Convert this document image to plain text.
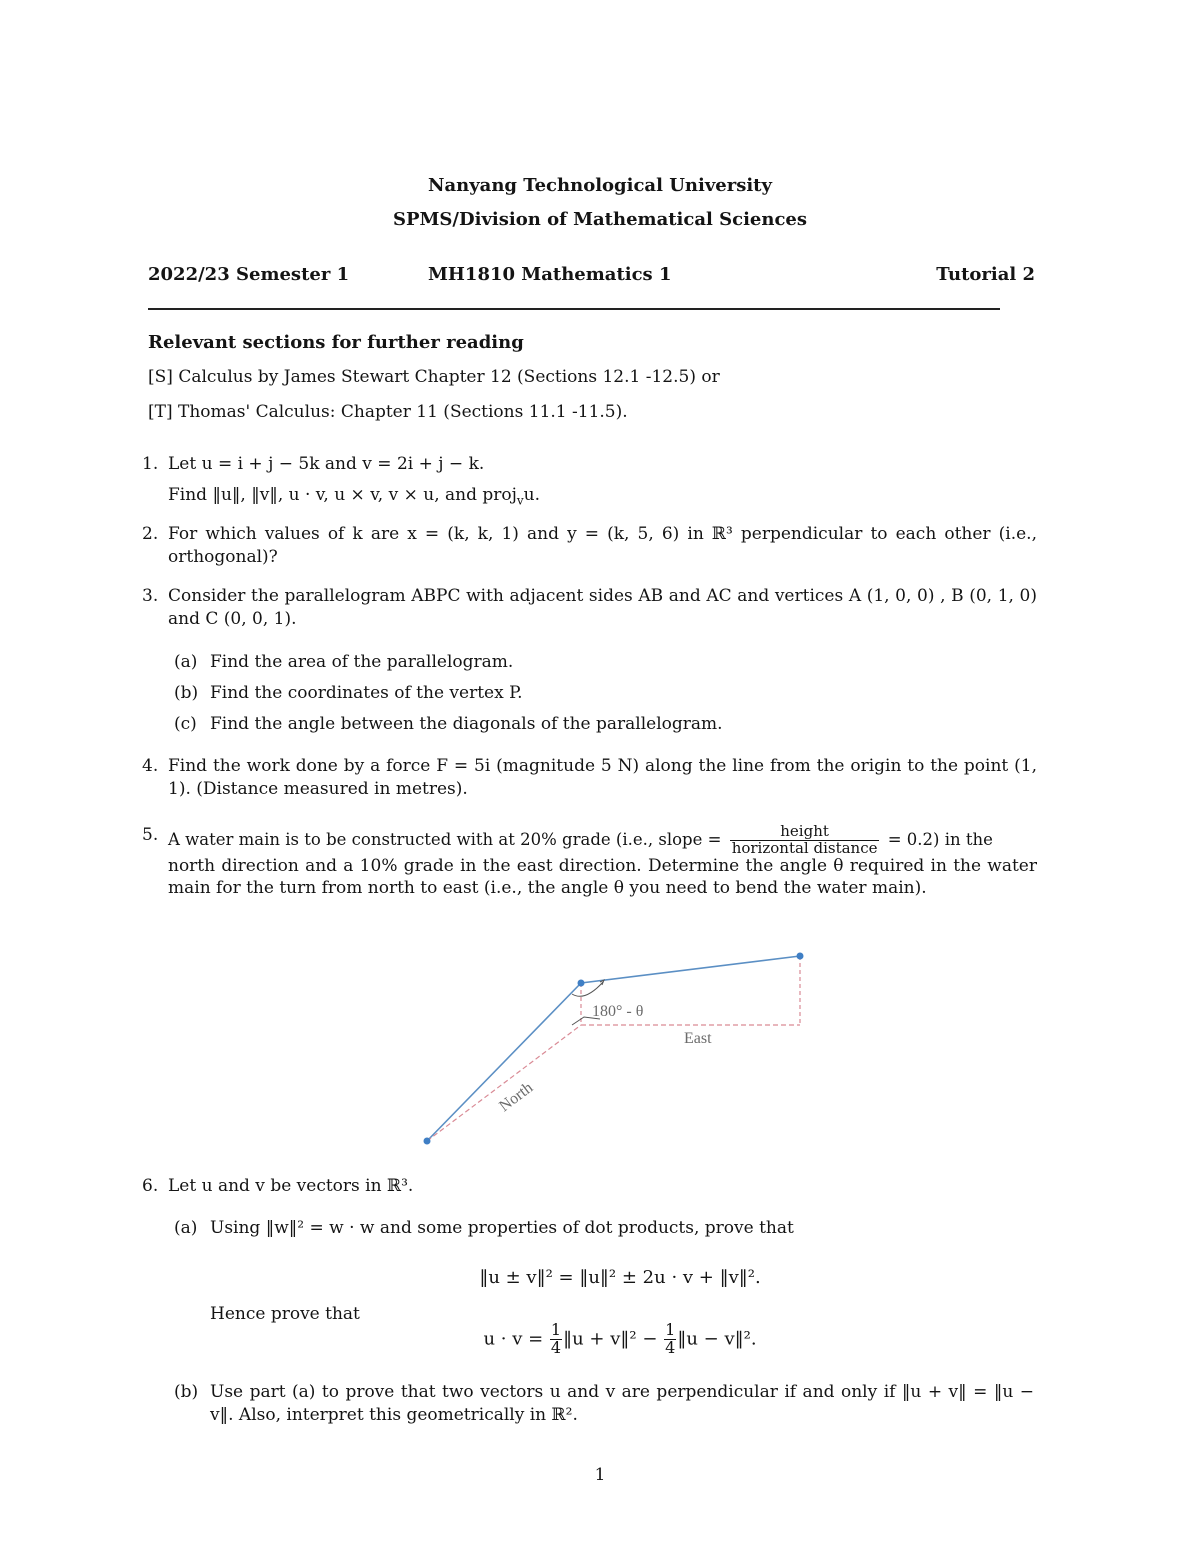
Nanyang Technological University
SPMS/Division of Mathematical Sciences
2022/23 Semester 1	MH1810 Mathematics 1	Tutorial 2
Relevant sections for further reading
[S] Calculus by James Stewart Chapter 12 (Sections 12.1 -12.5) or
[T] Thomas' Calculus: Chapter 11 (Sections 11.1 -11.5).
1. Let u = i + j − 5k and v = 2i + j − k.
Find ‖u‖, ‖v‖, u · v, u × v, v × u, and proj$_v$u.
2. For which values of k are x = (k, k, 1) and y = (k, 5, 6) in ℝ³ perpendicular to each other (i.e., orthogonal)?
3. Consider the parallelogram ABPC with adjacent sides AB and AC and vertices A (1, 0, 0) , B (0, 1, 0) and C (0, 0, 1).
(a) Find the area of the parallelogram.
(b) Find the coordinates of the vertex P.
(c) Find the angle between the diagonals of the parallelogram.
4. Find the work done by a force F = 5i (magnitude 5 N) along the line from the origin to the point (1, 1). (Distance measured in metres).
5. A water main is to be constructed with at 20% grade (i.e., slope =	height
horizontal distance = 0.2) in the
north direction and a 10% grade in the east direction. Determine the angle θ required in the water main for the turn from north to east (i.e., the angle θ you need to bend the water main).
180° - θ
East
North
6. Let u and v be vectors in ℝ³.
(a) Using ‖w‖² = w · w and some properties of dot products, prove that
‖u ± v‖² = ‖u‖² ± 2u · v + ‖v‖².
Hence prove that
$u \cdot v = \frac{1}{4}$ ‖u + v‖² − $\frac{1}{4}$ ‖u − v‖².
(b) Use part (a) to prove that two vectors u and v are perpendicular if and only if ‖u + v‖ = ‖u − v‖. Also, interpret this geometrically in ℝ².
1
